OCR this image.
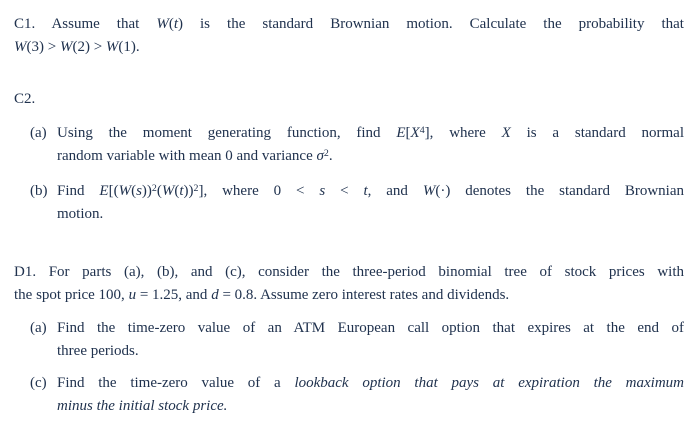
C1. Assume that W(t) is the standard Brownian motion. Calculate the probability that
W(3) > W(2) > W(1).
C2.
(a) Using the moment generating function, find $E[X^4]$, where X is a standard normal
random variable with mean 0 and variance $\sigma^2$.
(b) Find $E[(W(s))^2(W(t))^2]$, where 0 < s < t, and W(·) denotes the standard Brownian
motion.
D1. For parts (a), (b), and (c), consider the three-period binomial tree of stock prices with
the spot price 100, u = 1.25, and d = 0.8. Assume zero interest rates and dividends.
(a) Find the time-zero value of an ATM European call option that expires at the end of
three periods.
(c) Find the time-zero value of a lookback option that pays at expiration the maximum
minus the initial stock price.
